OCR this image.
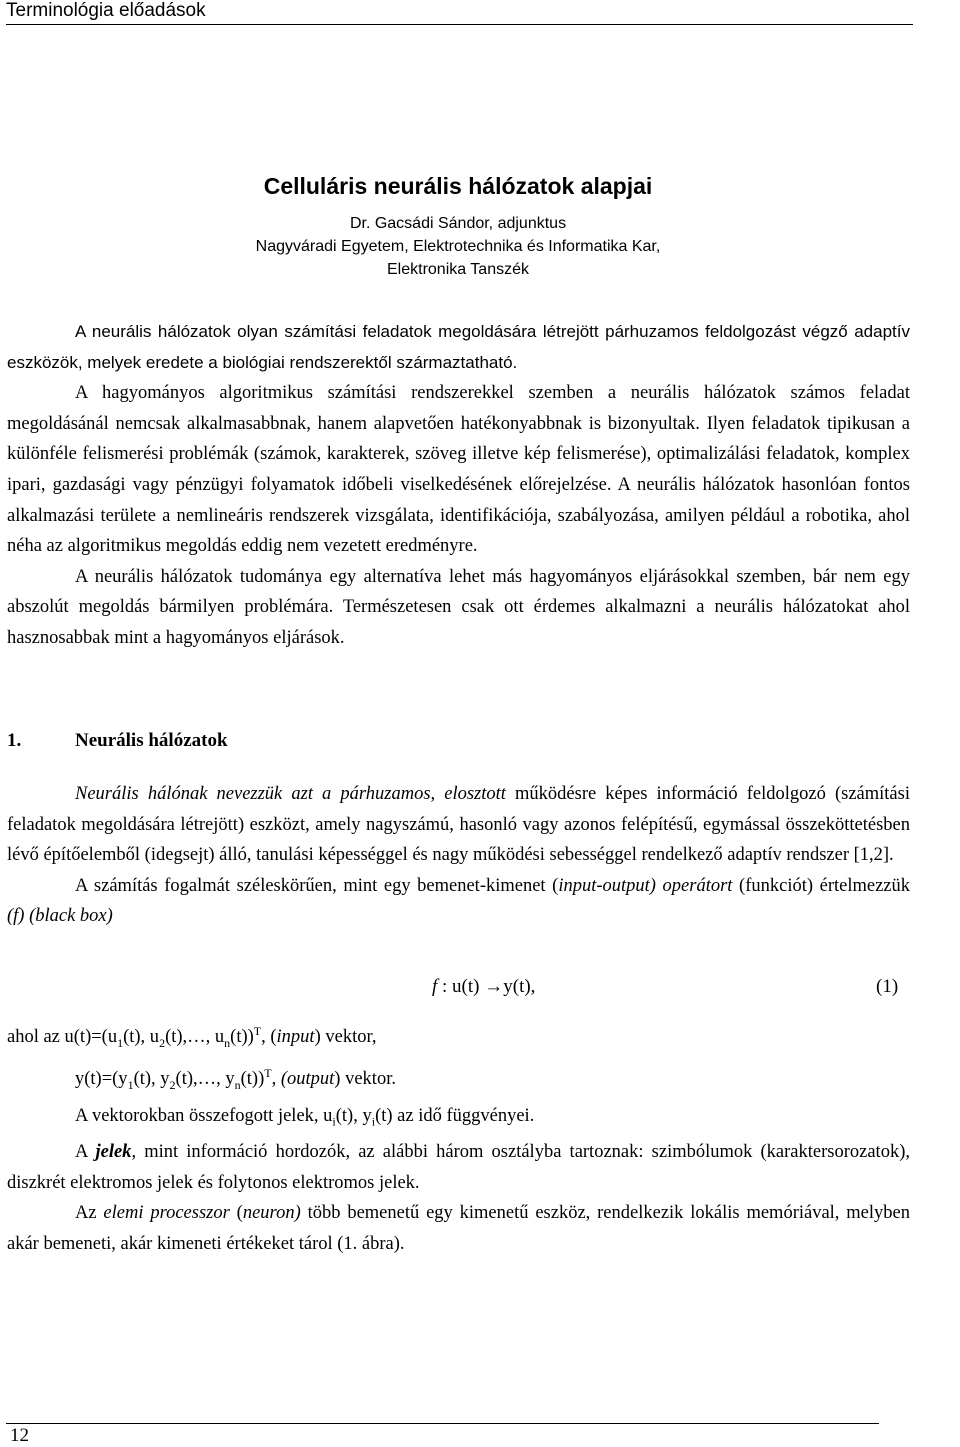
Terminológia előadások
Celluláris neurális hálózatok alapjai
Dr. Gacsádi Sándor, adjunktus
Nagyváradi Egyetem, Elektrotechnika és Informatika Kar,
Elektronika Tanszék

A neurális hálózatok olyan számítási feladatok megoldására létrejött párhuzamos feldolgozást végző adaptív eszközök, melyek eredete a biológiai rendszerektől származtatható.

A hagyományos algoritmikus számítási rendszerekkel szemben a neurális hálózatok számos feladat megoldásánál nemcsak alkalmasabbnak, hanem alapvetően hatékonyabbnak is bizonyultak. Ilyen feladatok tipikusan a különféle felismerési problémák (számok, karakterek, szöveg illetve kép felismerése), optimalizálási feladatok, komplex ipari, gazdasági vagy pénzügyi folyamatok időbeli viselkedésének előrejelzése. A neurális hálózatok hasonlóan fontos alkalmazási területe a nemlineáris rendszerek vizsgálata, identifikációja, szabályozása, amilyen például a robotika, ahol néha az algoritmikus megoldás eddig nem vezetett eredményre.

A neurális hálózatok tudománya egy alternatíva lehet más hagyományos eljárásokkal szemben, bár nem egy abszolút megoldás bármilyen problémára. Természetesen csak ott érdemes alkalmazni a neurális hálózatokat ahol hasznosabbak mint a hagyományos eljárások.

1.	Neurális hálózatok

Neurális hálónak nevezzük azt a párhuzamos, elosztott működésre képes információ feldolgozó (számítási feladatok megoldására létrejött) eszközt, amely nagyszámú, hasonló vagy azonos felépítésű, egymással összeköttetésben lévő építőelemből (idegsejt) álló, tanulási képességgel és nagy működési sebességgel rendelkező adaptív rendszer [1,2].

A számítás fogalmát széleskörűen, mint egy bemenet-kimenet (input-output) operátort (funkciót) értelmezzük (f) (black box)

f : u(t) →y(t),	(1)
ahol az $u(t)=(u_1(t)$, $u_2(t),\dots$, $u_n(t))^T$, (input) vektor,
$y(t)=(y_1(t)$, $y_2(t),\dots$, $y_n(t))^T$, (output) vektor.
A vektorokban összefogott jelek, $u_i(t)$, $y_i(t)$ az idő függvényei.

A jelek, mint információ hordozók, az alábbi három osztályba tartoznak: szimbólumok (karaktersorozatok), diszkrét elektromos jelek és folytonos elektromos jelek.

Az elemi processzor (neuron) több bemenetű egy kimenetű eszköz, rendelkezik lokális memóriával, melyben akár bemeneti, akár kimeneti értékeket tárol (1. ábra).

12
